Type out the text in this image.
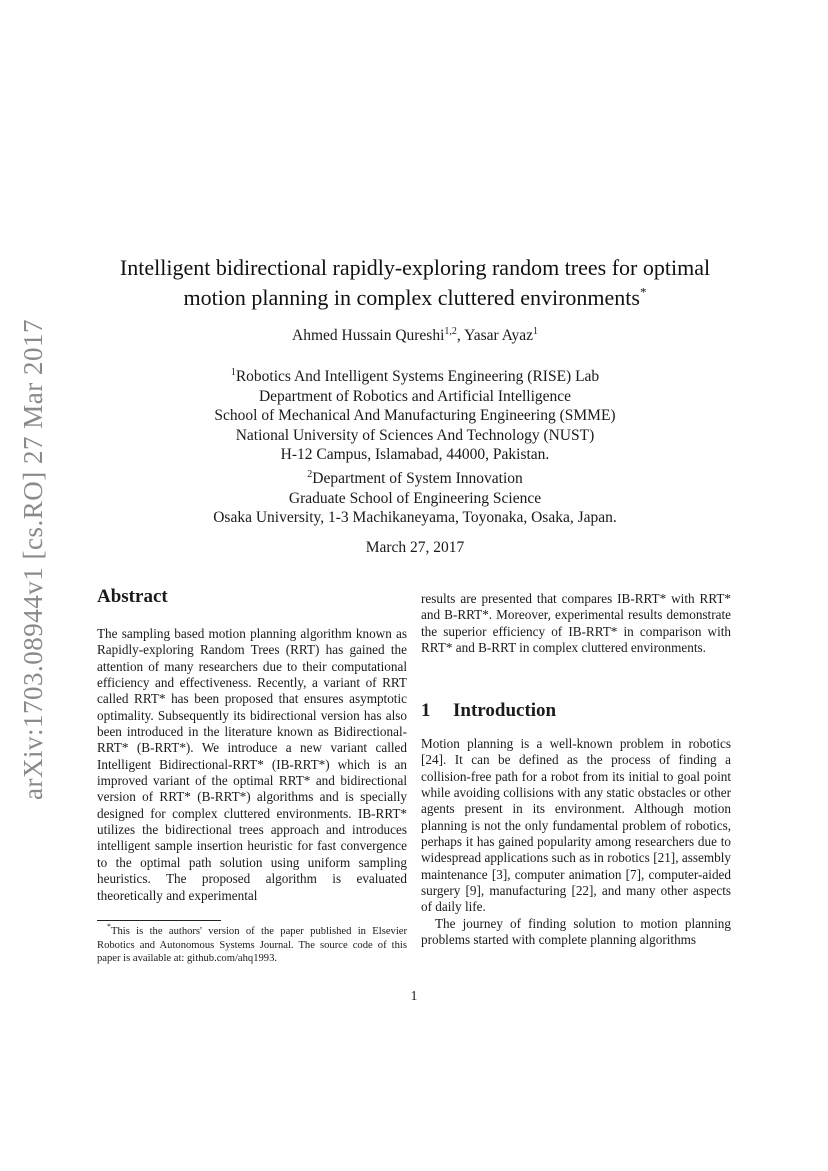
arXiv:1703.08944v1 [cs.RO] 27 Mar 2017
Intelligent bidirectional rapidly-exploring random trees for optimal
motion planning in complex cluttered environments*
Ahmed Hussain Qureshi$^{1,2}$, Yasar Ayaz$^1$
$^1$Robotics And Intelligent Systems Engineering (RISE) Lab
Department of Robotics and Artificial Intelligence
School of Mechanical And Manufacturing Engineering (SMME)
National University of Sciences And Technology (NUST)
H-12 Campus, Islamabad, 44000, Pakistan.
$^2$Department of System Innovation
Graduate School of Engineering Science
Osaka University, 1-3 Machikaneyama, Toyonaka, Osaka, Japan.
March 27, 2017
Abstract

The sampling based motion planning algorithm known as Rapidly-exploring Random Trees (RRT) has gained the attention of many researchers due to their computational efficiency and effectiveness. Recently, a variant of RRT called RRT* has been proposed that ensures asymptotic optimality. Subsequently its bidirectional version has also been introduced in the literature known as Bidirectional-RRT* (B-RRT*). We introduce a new variant called Intelligent Bidirectional-RRT* (IB-RRT*) which is an improved variant of the optimal RRT* and bidirectional version of RRT* (B-RRT*) algorithms and is specially designed for complex cluttered environments. IB-RRT* utilizes the bidirectional trees approach and introduces intelligent sample insertion heuristic for fast convergence to the optimal path solution using uniform sampling heuristics. The proposed algorithm is evaluated theoretically and experimental

results are presented that compares IB-RRT* with RRT* and B-RRT*. Moreover, experimental results demonstrate the superior efficiency of IB-RRT* in comparison with RRT* and B-RRT in complex cluttered environments.

1 Introduction

Motion planning is a well-known problem in robotics [24]. It can be defined as the process of finding a collision-free path for a robot from its initial to goal point while avoiding collisions with any static obstacles or other agents present in its environment. Although motion planning is not the only fundamental problem of robotics, perhaps it has gained popularity among researchers due to widespread applications such as in robotics [21], assembly maintenance [3], computer animation [7], computer-aided surgery [9], manufacturing [22], and many other aspects of daily life.

The journey of finding solution to motion planning problems started with complete planning algorithms

*This is the authors' version of the paper published in Elsevier Robotics and Autonomous Systems Journal. The source code of this paper is available at: github.com/ahq1993.
1
